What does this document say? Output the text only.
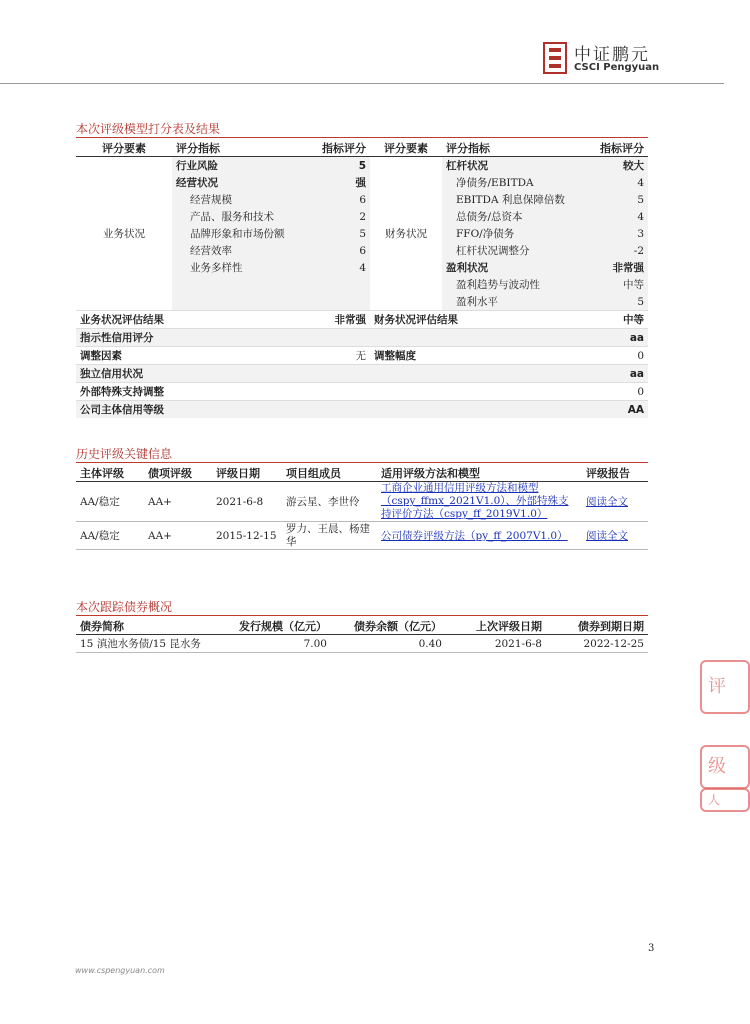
中证鹏元
CSCI Pengyuan
本次评级模型打分表及结果
评分要素	评分指标	指标评分	评分要素	评分指标	指标评分
业务状况	行业风险	5	财务状况	杠杆状况	较大
	经营状况	强		净债务/EBITDA	4
	经营规模	6		EBITDA 利息保障倍数	5
	产品、服务和技术	2		总债务/总资本	4
	品牌形象和市场份额	5		FFO/净债务	3
	经营效率	6		杠杆状况调整分	-2
	业务多样性	4		盈利状况	非常强
				盈利趋势与波动性	中等
				盈利水平	5
业务状况评估结果		非常强	财务状况评估结果		中等
指示性信用评分		aa			
调整因素		无	调整幅度		0
独立信用状况		aa			
外部特殊支持调整		0			
公司主体信用等级		AA			
历史评级关键信息
主体评级	债项评级	评级日期	项目组成员	适用评级方法和模型	评级报告
AA/稳定	AA+	2021-6-8	游云星、李世伶	工商企业通用信用评级方法和模型（cspy_ffmx_2021V1.0）、外部特殊支持评价方法（cspy_ff_2019V1.0）	阅读全文
AA/稳定	AA+	2015-12-15	罗力、王晨、杨建华	公司债券评级方法（py_ff_2007V1.0）	阅读全文
本次跟踪债券概况
债券简称	发行规模（亿元）	债券余额（亿元）	上次评级日期	债券到期日期
15 滇池水务债/15 昆水务	7.00	0.40	2021-6-8	2022-12-25
评
级
人
3
www.cspengyuan.com
